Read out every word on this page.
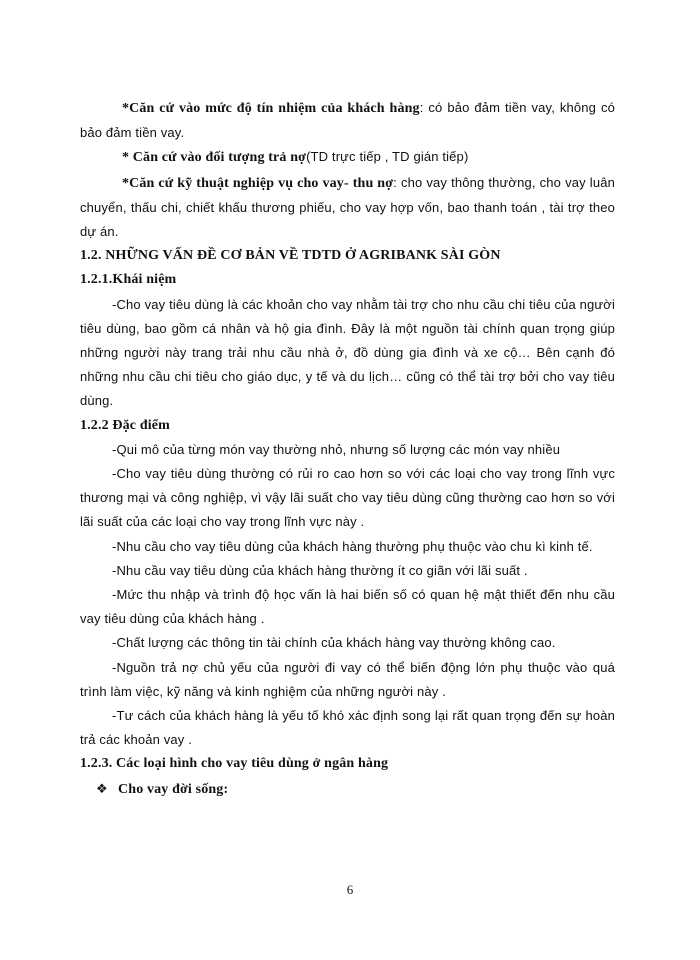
*Căn cứ vào mức độ tín nhiệm của khách hàng: có bảo đảm tiền vay, không có bảo đảm tiền vay.

* Căn cứ vào đối tượng trả nợ(TD trực tiếp , TD gián tiếp)

*Căn cứ kỹ thuật nghiệp vụ cho vay- thu nợ: cho vay thông thường, cho vay luân chuyển, thấu chi, chiết khấu thương phiếu, cho vay hợp vốn, bao thanh toán , tài trợ theo dự án.

1.2. NHỮNG VẤN ĐỀ CƠ BẢN VỀ TDTD Ở AGRIBANK SÀI GÒN

1.2.1.Khái niệm

-Cho vay tiêu dùng là các khoản cho vay nhằm tài trợ cho nhu cầu chi tiêu của người tiêu dùng, bao gồm cá nhân và hộ gia đình. Đây là một nguồn tài chính quan trọng giúp những người này trang trải nhu cầu nhà ở, đồ dùng gia đình và xe cộ… Bên cạnh đó những nhu cầu chi tiêu cho giáo dục, y tế và du lịch… cũng có thể tài trợ bởi cho vay tiêu dùng.

1.2.2 Đặc điểm

-Qui mô của từng món vay thường nhỏ, nhưng số lượng các món vay nhiều

-Cho vay tiêu dùng thường có rủi ro cao hơn so với các loại cho vay trong lĩnh vực thương mại và công nghiệp, vì vậy lãi suất cho vay tiêu dùng cũng thường cao hơn so với lãi suất của các loại cho vay trong lĩnh vực này .

-Nhu cầu cho vay tiêu dùng của khách hàng thường phụ thuộc vào chu kì kinh tế.

-Nhu cầu vay tiêu dùng của khách hàng thường ít co giãn với lãi suất .

-Mức thu nhập và trình độ học vấn là hai biến số có quan hệ mật thiết đến nhu cầu vay tiêu dùng của khách hàng .

-Chất lượng các thông tin tài chính của khách hàng vay thường không cao.

-Nguồn trả nợ chủ yếu của người đi vay có thể biến động lớn phụ thuộc vào quá trình làm việc, kỹ năng và kinh nghiệm của những người này .

-Tư cách của khách hàng là yếu tố khó xác định song lại rất quan trọng đến sự hoàn trả các khoản vay .

1.2.3. Các loại hình cho vay tiêu dùng ở ngân hàng

❖ Cho vay đời sống:

6
